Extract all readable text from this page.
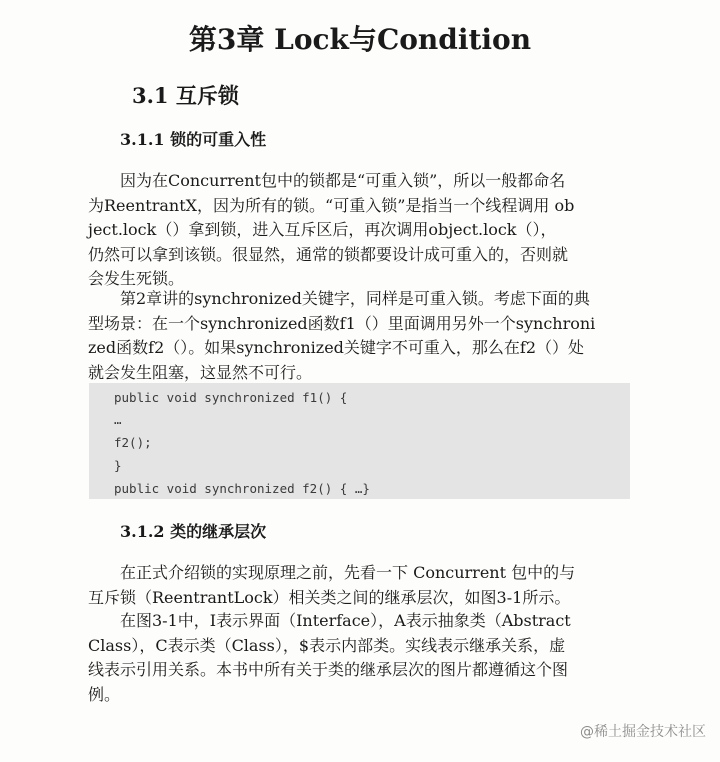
第3章 Lock与Condition
3.1 互斥锁
3.1.1 锁的可重入性

　　因为在Concurrent包中的锁都是“可重入锁”，所以一般都命名
为ReentrantX，因为所有的锁。“可重入锁”是指当一个线程调用 ob
ject.lock（）拿到锁，进入互斥区后，再次调用object.lock（），
仍然可以拿到该锁。很显然，通常的锁都要设计成可重入的，否则就
会发生死锁。

　　第2章讲的synchronized关键字，同样是可重入锁。考虑下面的典
型场景：在一个synchronized函数f1（）里面调用另外一个synchroni
zed函数f2（）。如果synchronized关键字不可重入，那么在f2（）处
就会发生阻塞，这显然不可行。

public void synchronized f1() {
…
f2();
}
public void synchronized f2() { …}
3.1.2 类的继承层次

　　在正式介绍锁的实现原理之前，先看一下 Concurrent 包中的与
互斥锁（ReentrantLock）相关类之间的继承层次，如图3-1所示。

　　在图3-1中，I表示界面（Interface），A表示抽象类（Abstract
Class），C表示类（Class），$表示内部类。实线表示继承关系，虚
线表示引用关系。本书中所有关于类的继承层次的图片都遵循这个图
例。

@稀土掘金技术社区
